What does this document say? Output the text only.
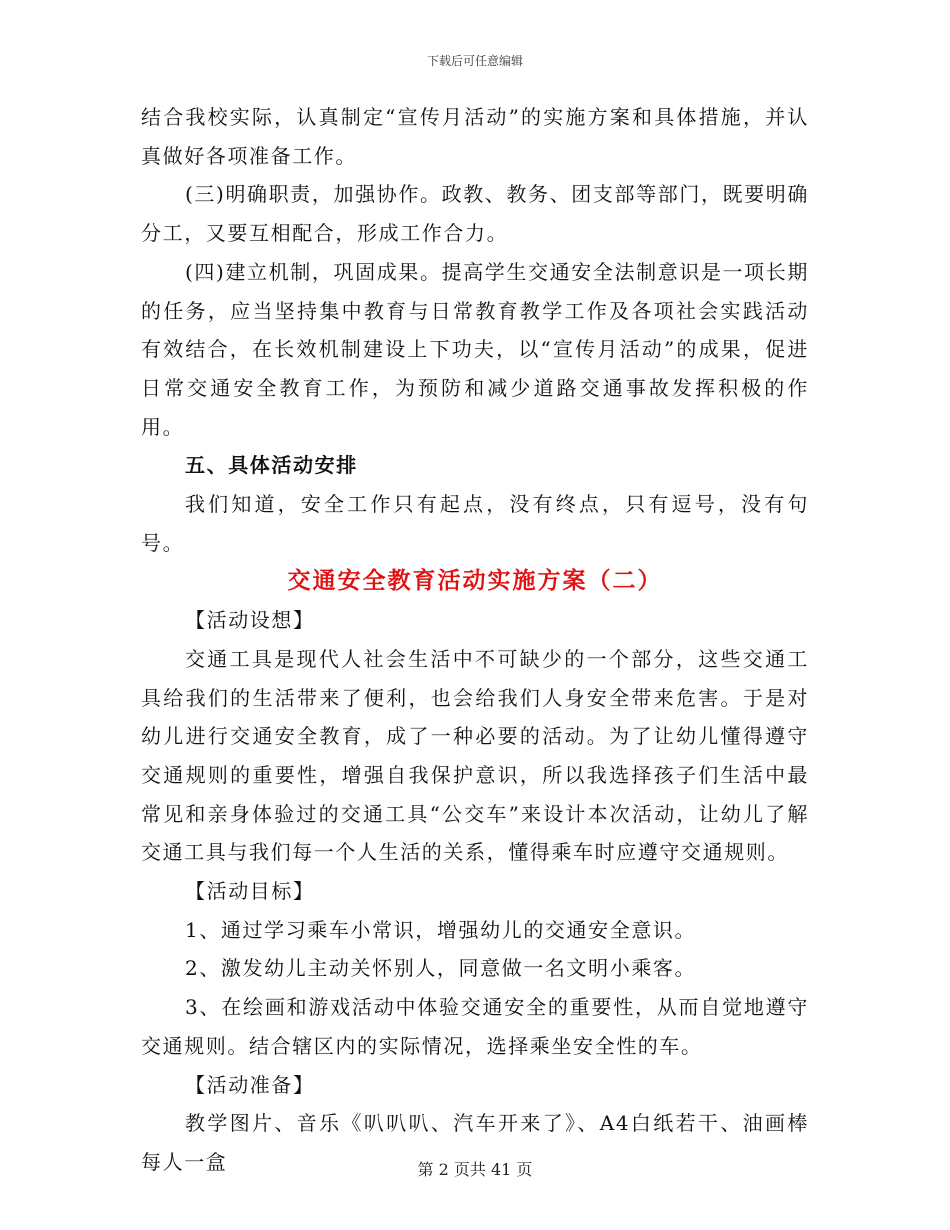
下载后可任意编辑

结合我校实际，认真制定“宣传月活动”的实施方案和具体措施，并认真做好各项准备工作。

(三)明确职责，加强协作。政教、教务、团支部等部门，既要明确分工，又要互相配合，形成工作合力。

(四)建立机制，巩固成果。提高学生交通安全法制意识是一项长期的任务，应当坚持集中教育与日常教育教学工作及各项社会实践活动有效结合，在长效机制建设上下功夫，以“宣传月活动”的成果，促进日常交通安全教育工作，为预防和减少道路交通事故发挥积极的作用。

五、具体活动安排

我们知道，安全工作只有起点，没有终点，只有逗号，没有句号。

交通安全教育活动实施方案（二）

【活动设想】

交通工具是现代人社会生活中不可缺少的一个部分，这些交通工具给我们的生活带来了便利，也会给我们人身安全带来危害。于是对幼儿进行交通安全教育，成了一种必要的活动。为了让幼儿懂得遵守交通规则的重要性，增强自我保护意识，所以我选择孩子们生活中最常见和亲身体验过的交通工具“公交车”来设计本次活动，让幼儿了解交通工具与我们每一个人生活的关系，懂得乘车时应遵守交通规则。

【活动目标】

1、通过学习乘车小常识，增强幼儿的交通安全意识。

2、激发幼儿主动关怀别人，同意做一名文明小乘客。

3、在绘画和游戏活动中体验交通安全的重要性，从而自觉地遵守交通规则。结合辖区内的实际情况，选择乘坐安全性的车。

【活动准备】

教学图片、音乐《叭叭叭、汽车开来了》、A4白纸若干、油画棒每人一盒	第 2 页共 41 页
